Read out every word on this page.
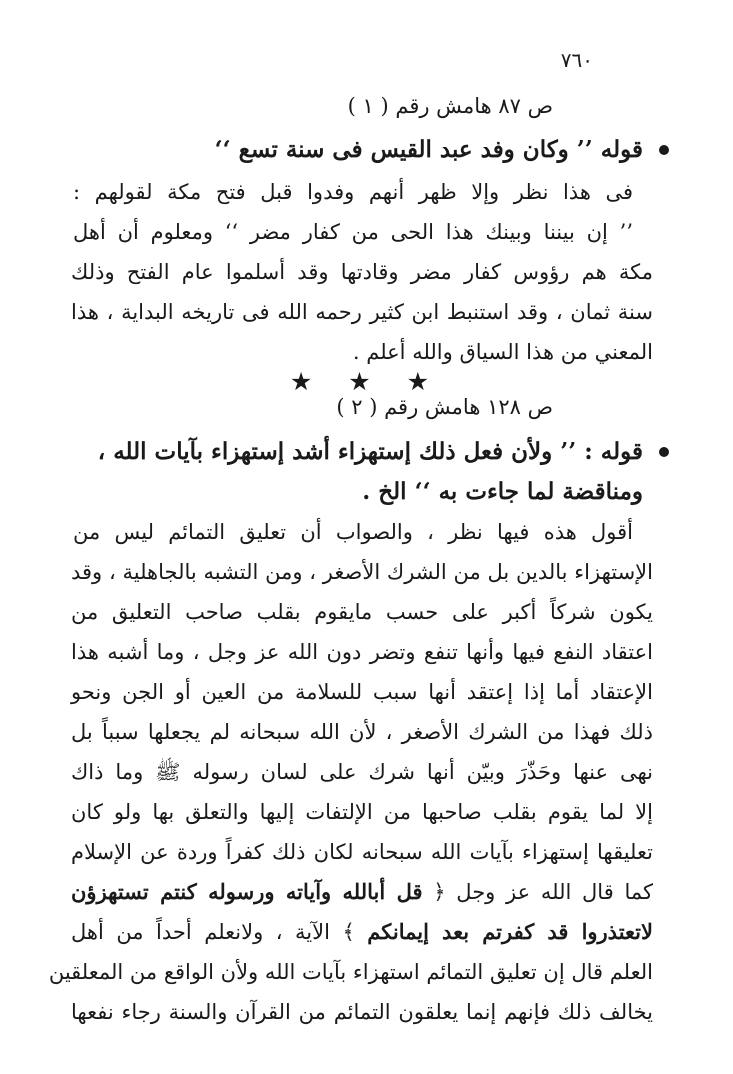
٧٦٠
ص ٨٧ هامش رقم ( ١ )
قوله ’’ وكان وفد عبد القيس فى سنة تسع ‘‘
فى هذا نظر وإلا ظهر أنهم وفدوا قبل فتح مكة لقولهم :
’’ إن بيننا وبينك هذا الحى من كفار مضر ‘‘ ومعلوم أن أهل
مكة هم رؤوس كفار مضر وقادتها وقد أسلموا عام الفتح وذلك
سنة ثمان ، وقد استنبط ابن كثير رحمه الله فى تاريخه البداية ، هذا
المعني من هذا السياق والله أعلم .
★ ★ ★
ص ١٢٨ هامش رقم ( ٢ )
قوله : ’’ ولأن فعل ذلك إستهزاء أشد إستهزاء بآيات الله ،
ومناقضة لما جاءت به ‘‘ الخ .
أقول هذه فيها نظر ، والصواب أن تعليق التمائم ليس من
الإستهزاء بالدين بل من الشرك الأصغر ، ومن التشبه بالجاهلية ، وقد
يكون شركاً أكبر على حسب مايقوم بقلب صاحب التعليق من
اعتقاد النفع فيها وأنها تنفع وتضر دون الله عز وجل ، وما أشبه هذا
الإعتقاد أما إذا إعتقد أنها سبب للسلامة من العين أو الجن ونحو
ذلك فهذا من الشرك الأصغر ، لأن الله سبحانه لم يجعلها سبباً بل
نهى عنها وحَذّرَ وبيّن أنها شرك على لسان رسوله ﷺ وما ذاك
إلا لما يقوم بقلب صاحبها من الإلتفات إليها والتعلق بها ولو كان
تعليقها إستهزاء بآيات الله سبحانه لكان ذلك كفراً وردة عن الإسلام
كما قال الله عز وجل ﴿ قل أبالله وآياته ورسوله كنتم تستهزؤن
لاتعتذروا قد كفرتم بعد إيمانكم ﴾ الآية ، ولانعلم أحداً من أهل
العلم قال إن تعليق التمائم استهزاء بآيات الله ولأن الواقع من المعلقين
يخالف ذلك فإنهم إنما يعلقون التمائم من القرآن والسنة رجاء نفعها
